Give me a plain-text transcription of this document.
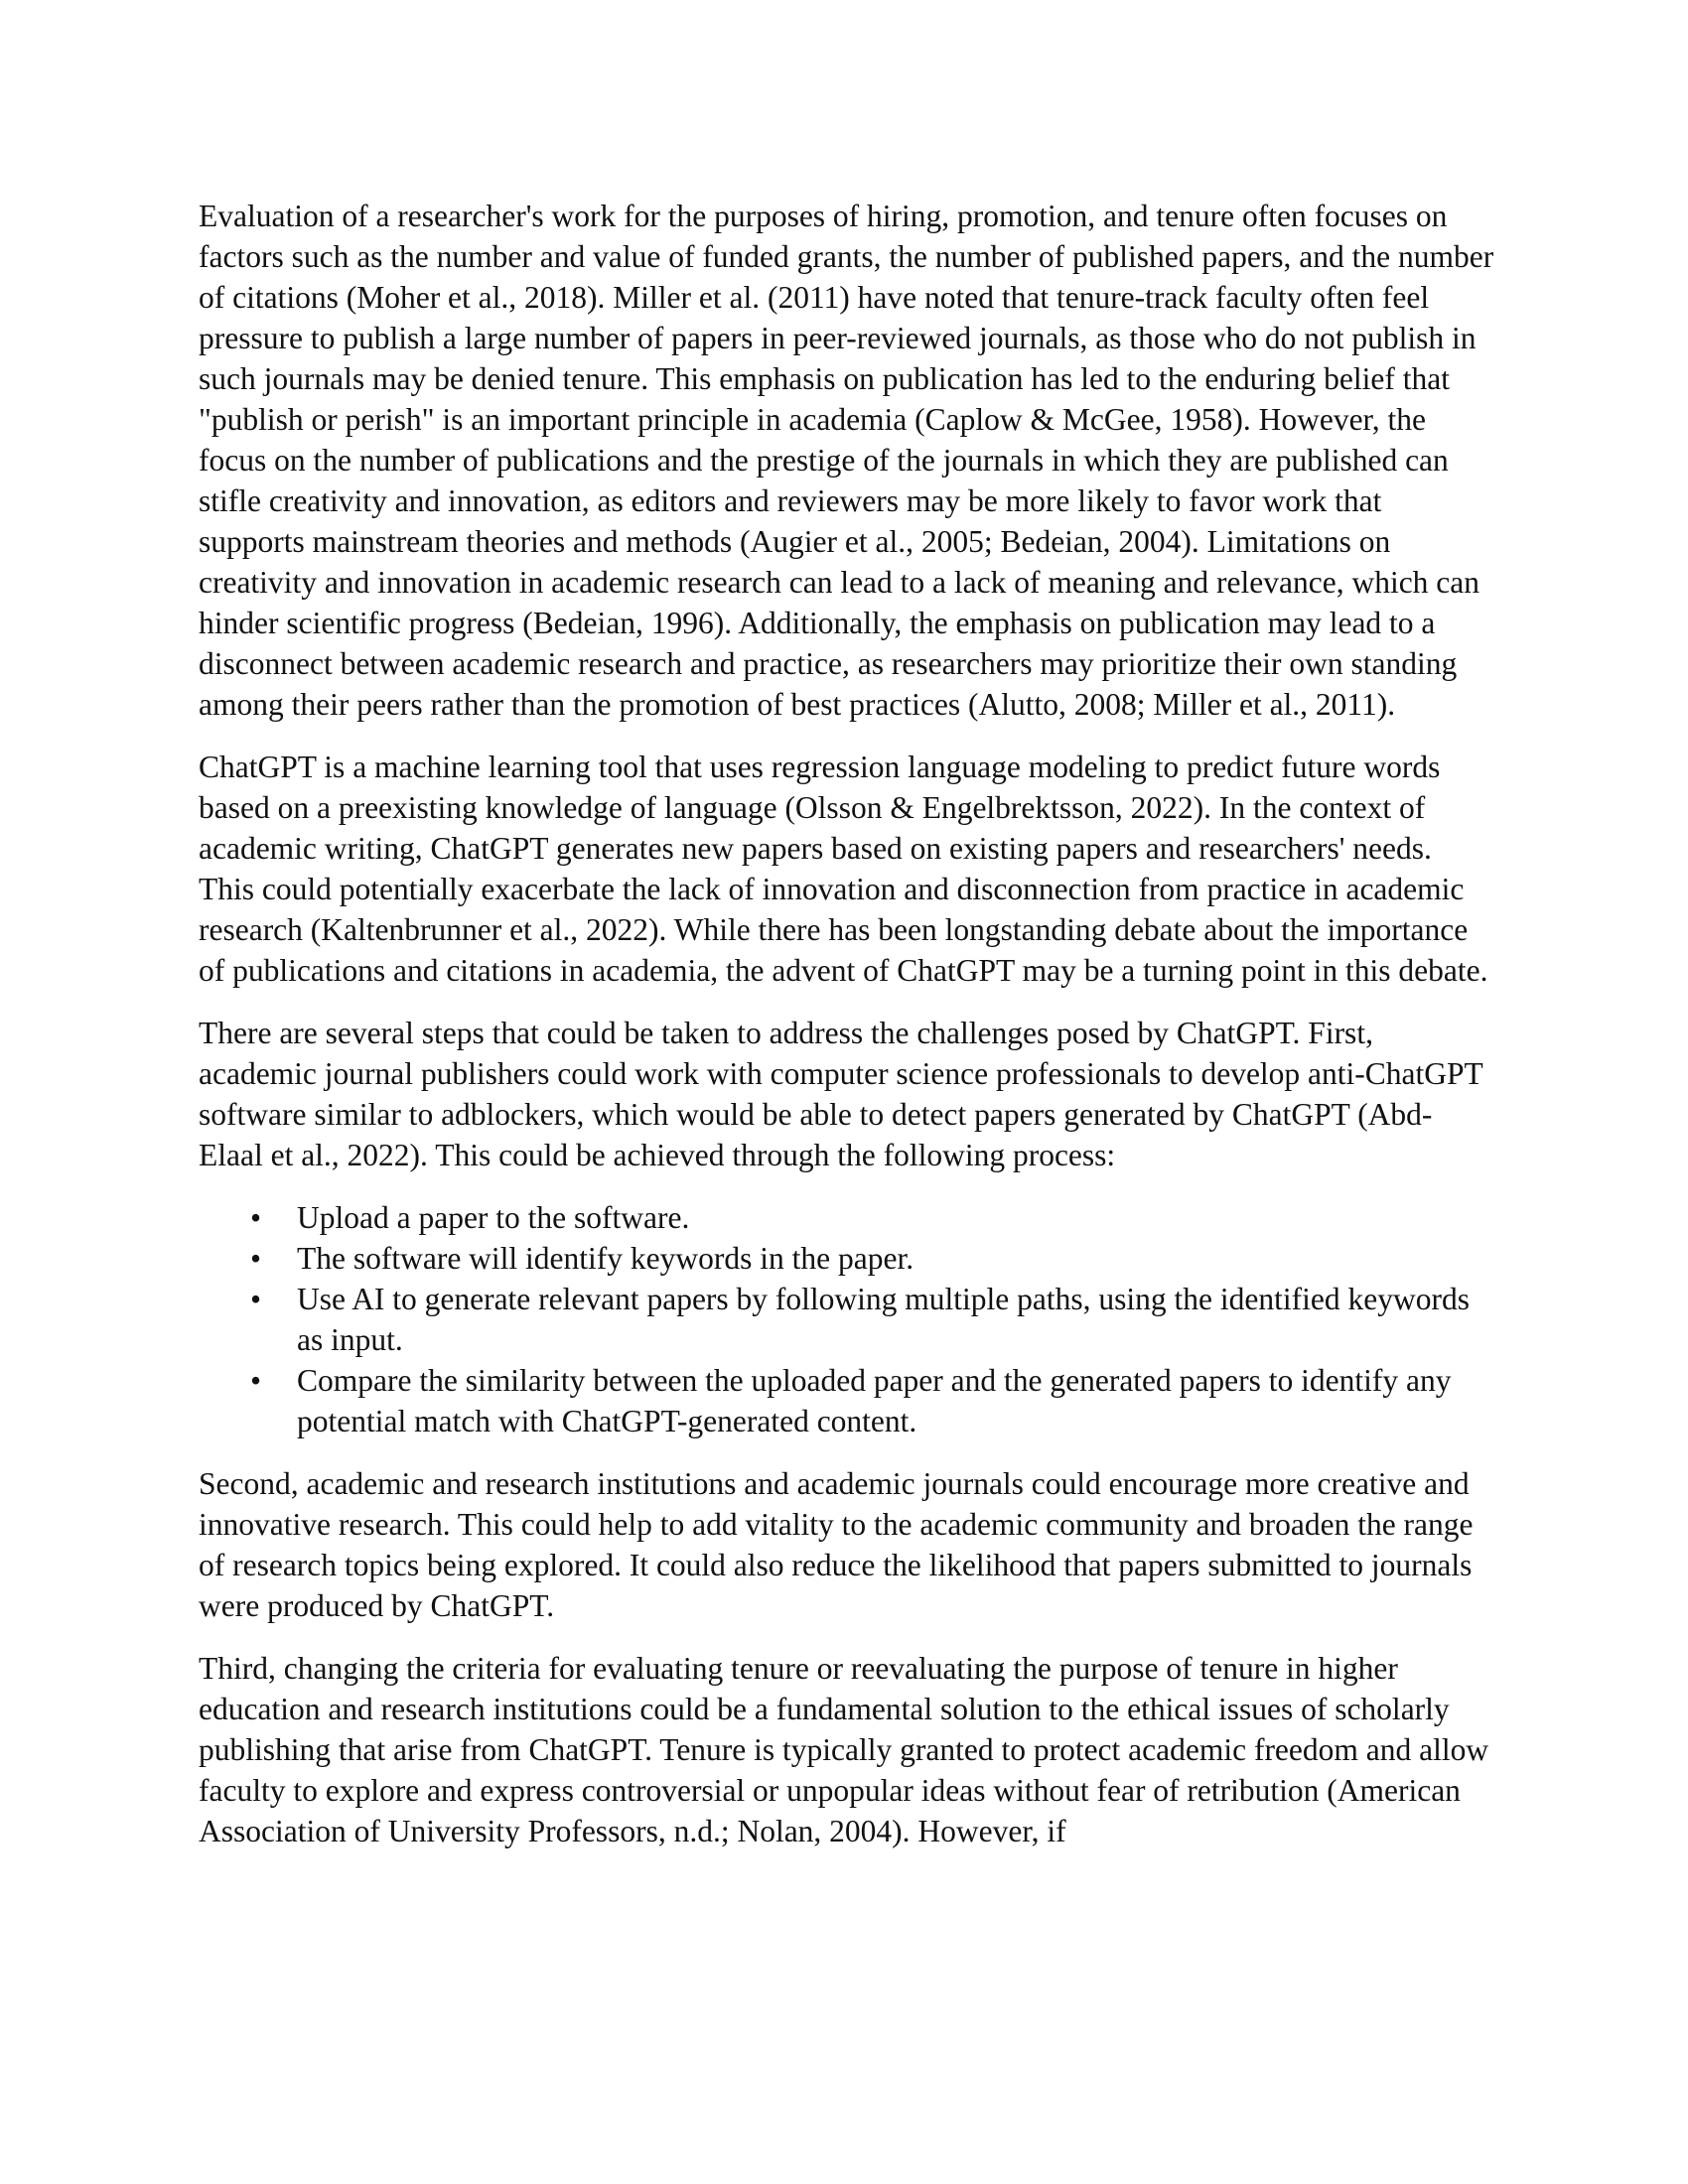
Evaluation of a researcher's work for the purposes of hiring, promotion, and tenure often focuses on factors such as the number and value of funded grants, the number of published papers, and the number of citations (Moher et al., 2018). Miller et al. (2011) have noted that tenure-track faculty often feel pressure to publish a large number of papers in peer-reviewed journals, as those who do not publish in such journals may be denied tenure. This emphasis on publication has led to the enduring belief that "publish or perish" is an important principle in academia (Caplow & McGee, 1958). However, the focus on the number of publications and the prestige of the journals in which they are published can stifle creativity and innovation, as editors and reviewers may be more likely to favor work that supports mainstream theories and methods (Augier et al., 2005; Bedeian, 2004). Limitations on creativity and innovation in academic research can lead to a lack of meaning and relevance, which can hinder scientific progress (Bedeian, 1996). Additionally, the emphasis on publication may lead to a disconnect between academic research and practice, as researchers may prioritize their own standing among their peers rather than the promotion of best practices (Alutto, 2008; Miller et al., 2011).

ChatGPT is a machine learning tool that uses regression language modeling to predict future words based on a preexisting knowledge of language (Olsson & Engelbrektsson, 2022). In the context of academic writing, ChatGPT generates new papers based on existing papers and researchers' needs. This could potentially exacerbate the lack of innovation and disconnection from practice in academic research (Kaltenbrunner et al., 2022). While there has been longstanding debate about the importance of publications and citations in academia, the advent of ChatGPT may be a turning point in this debate.

There are several steps that could be taken to address the challenges posed by ChatGPT. First, academic journal publishers could work with computer science professionals to develop anti-ChatGPT software similar to adblockers, which would be able to detect papers generated by ChatGPT (Abd-Elaal et al., 2022). This could be achieved through the following process:

•	Upload a paper to the software.
•	The software will identify keywords in the paper.
•	Use AI to generate relevant papers by following multiple paths, using the identified keywords as input.
•	Compare the similarity between the uploaded paper and the generated papers to identify any potential match with ChatGPT-generated content.

Second, academic and research institutions and academic journals could encourage more creative and innovative research. This could help to add vitality to the academic community and broaden the range of research topics being explored. It could also reduce the likelihood that papers submitted to journals were produced by ChatGPT.

Third, changing the criteria for evaluating tenure or reevaluating the purpose of tenure in higher education and research institutions could be a fundamental solution to the ethical issues of scholarly publishing that arise from ChatGPT. Tenure is typically granted to protect academic freedom and allow faculty to explore and express controversial or unpopular ideas without fear of retribution (American Association of University Professors, n.d.; Nolan, 2004). However, if
